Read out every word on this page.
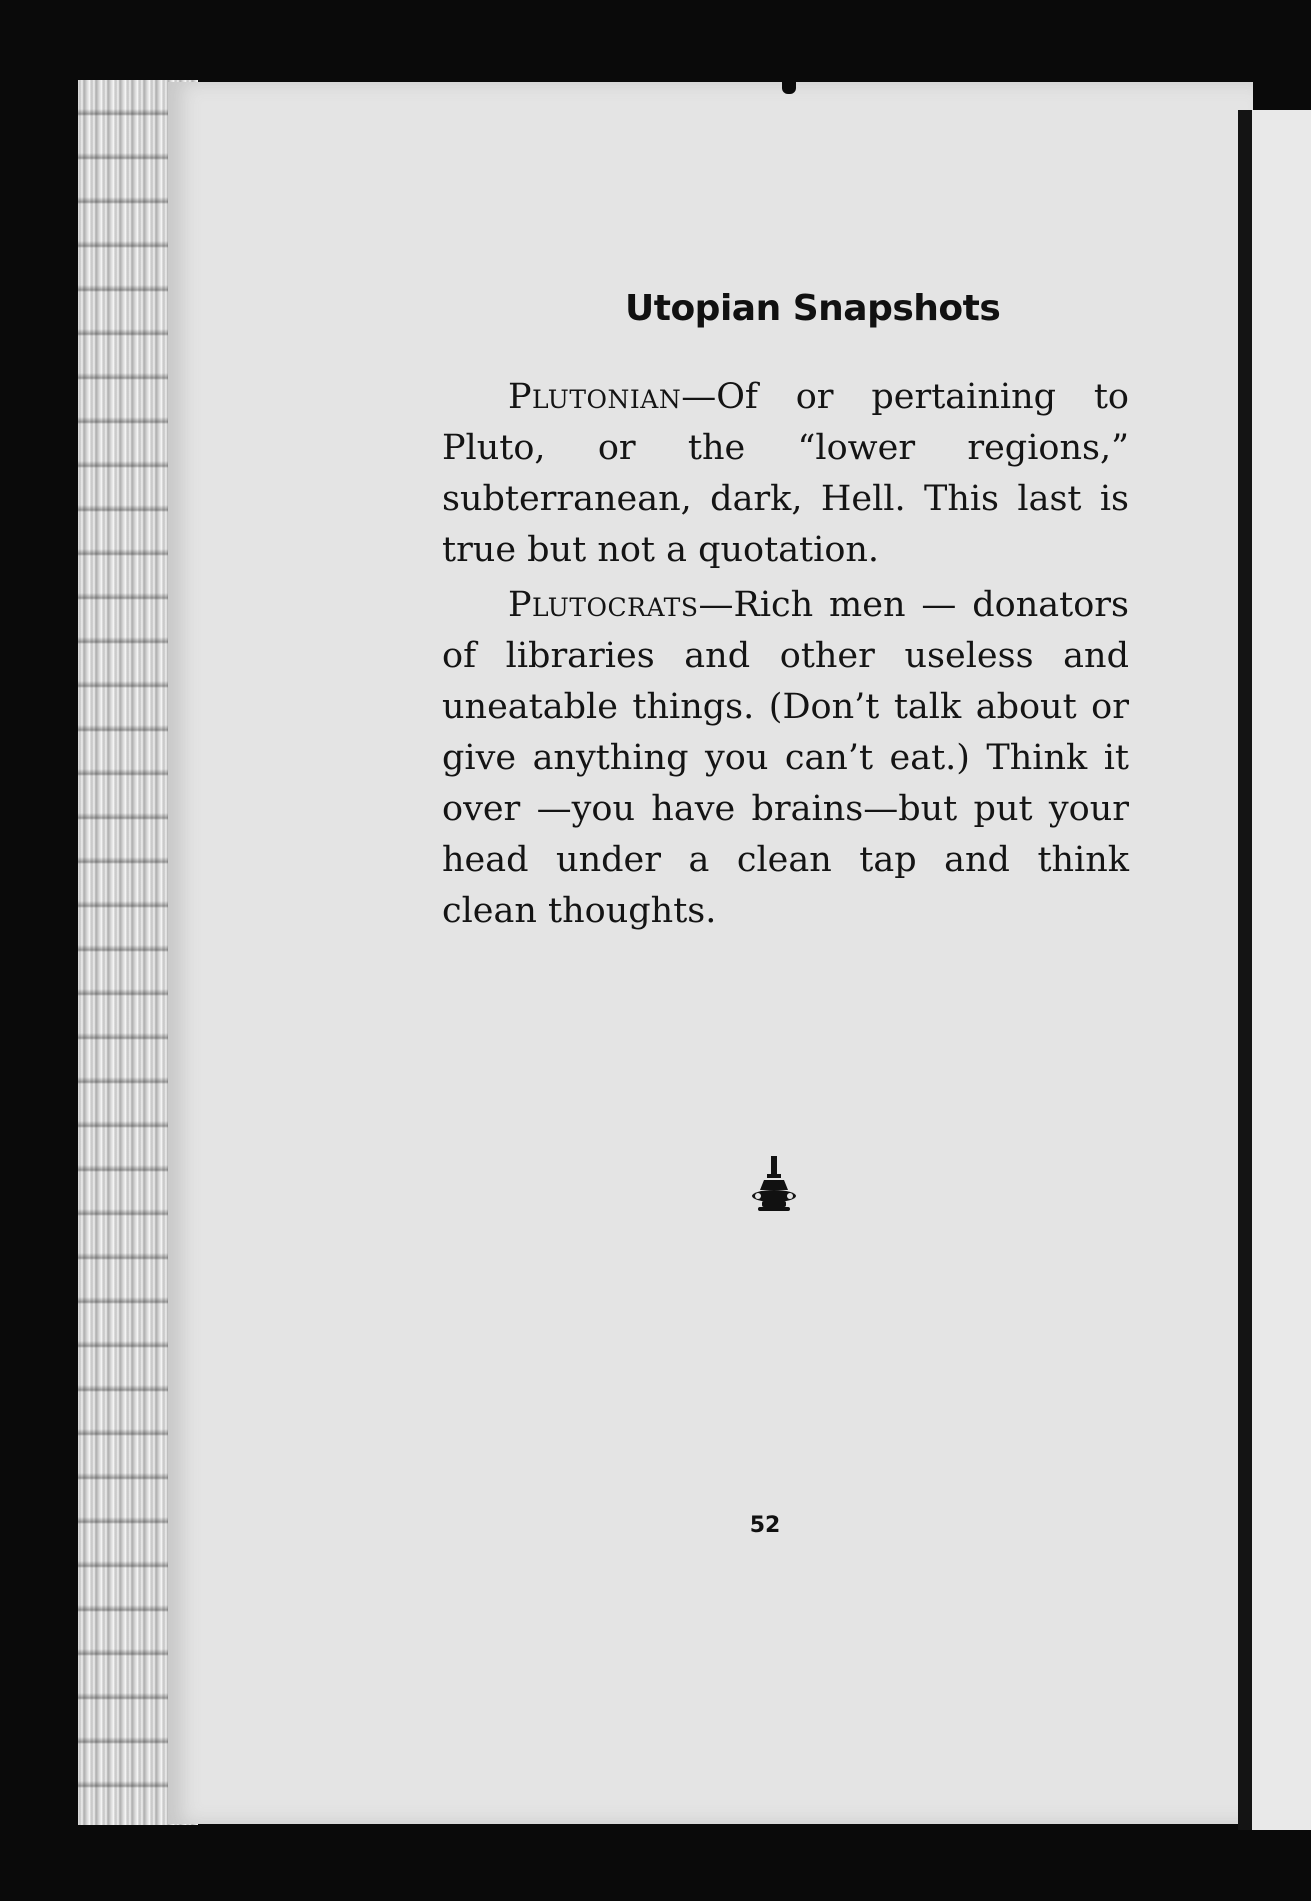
Utopian Snapshots

Plutonian—Of or pertaining to Pluto, or the “lower regions,” subterranean, dark, Hell. This last is true but not a quotation.

Plutocrats—Rich men — donators of libraries and other useless and uneatable things. (Don’t talk about or give anything you can’t eat.) Think it over —you have brains—but put your head under a clean tap and think clean thoughts.

52
